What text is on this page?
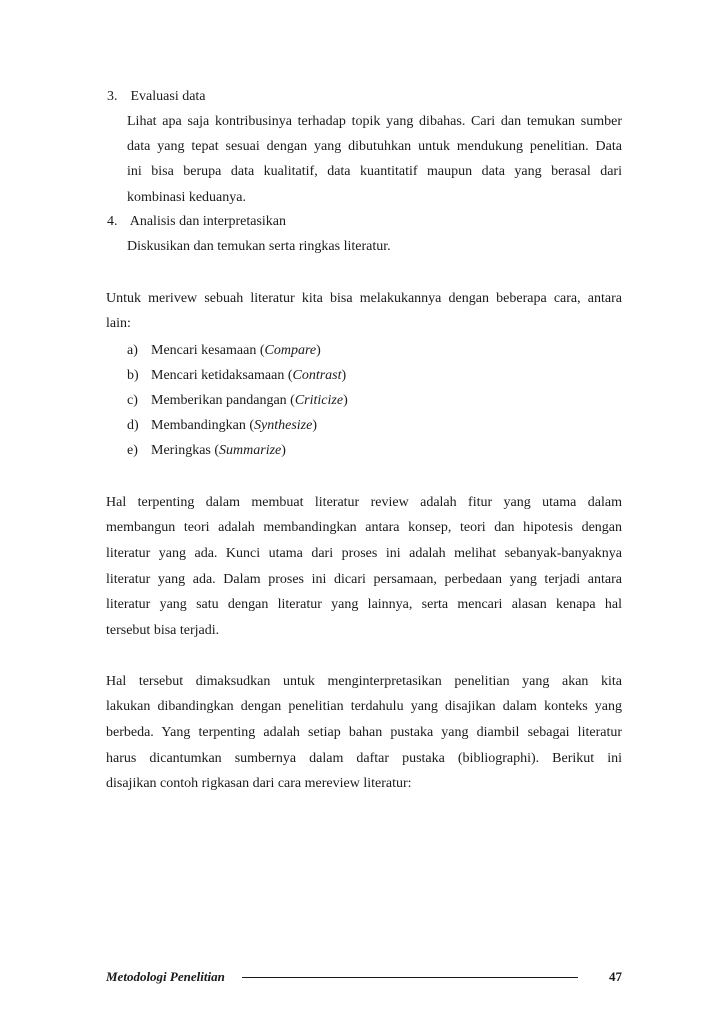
3. Evaluasi data
Lihat apa saja kontribusinya terhadap topik yang dibahas. Cari dan temukan sumber
data yang tepat sesuai dengan yang dibutuhkan untuk mendukung penelitian. Data
ini bisa berupa data kualitatif, data kuantitatif maupun data yang berasal dari
kombinasi keduanya.
4. Analisis dan interpretasikan
Diskusikan dan temukan serta ringkas literatur.
Untuk merivew sebuah literatur kita bisa melakukannya dengan beberapa cara, antara
lain:
a) Mencari kesamaan (Compare)
b) Mencari ketidaksamaan (Contrast)
c) Memberikan pandangan (Criticize)
d) Membandingkan (Synthesize)
e) Meringkas (Summarize)
Hal terpenting dalam membuat literatur review adalah fitur yang utama dalam
membangun teori adalah membandingkan antara konsep, teori dan hipotesis dengan
literatur yang ada. Kunci utama dari proses ini adalah melihat sebanyak-banyaknya
literatur yang ada. Dalam proses ini dicari persamaan, perbedaan yang terjadi antara
literatur yang satu dengan literatur yang lainnya, serta mencari alasan kenapa hal
tersebut bisa terjadi.
Hal tersebut dimaksudkan untuk menginterpretasikan penelitian yang akan kita
lakukan dibandingkan dengan penelitian terdahulu yang disajikan dalam konteks yang
berbeda. Yang terpenting adalah setiap bahan pustaka yang diambil sebagai literatur
harus dicantumkan sumbernya dalam daftar pustaka (bibliographi). Berikut ini
disajikan contoh rigkasan dari cara mereview literatur:
Metodologi Penelitian	47
